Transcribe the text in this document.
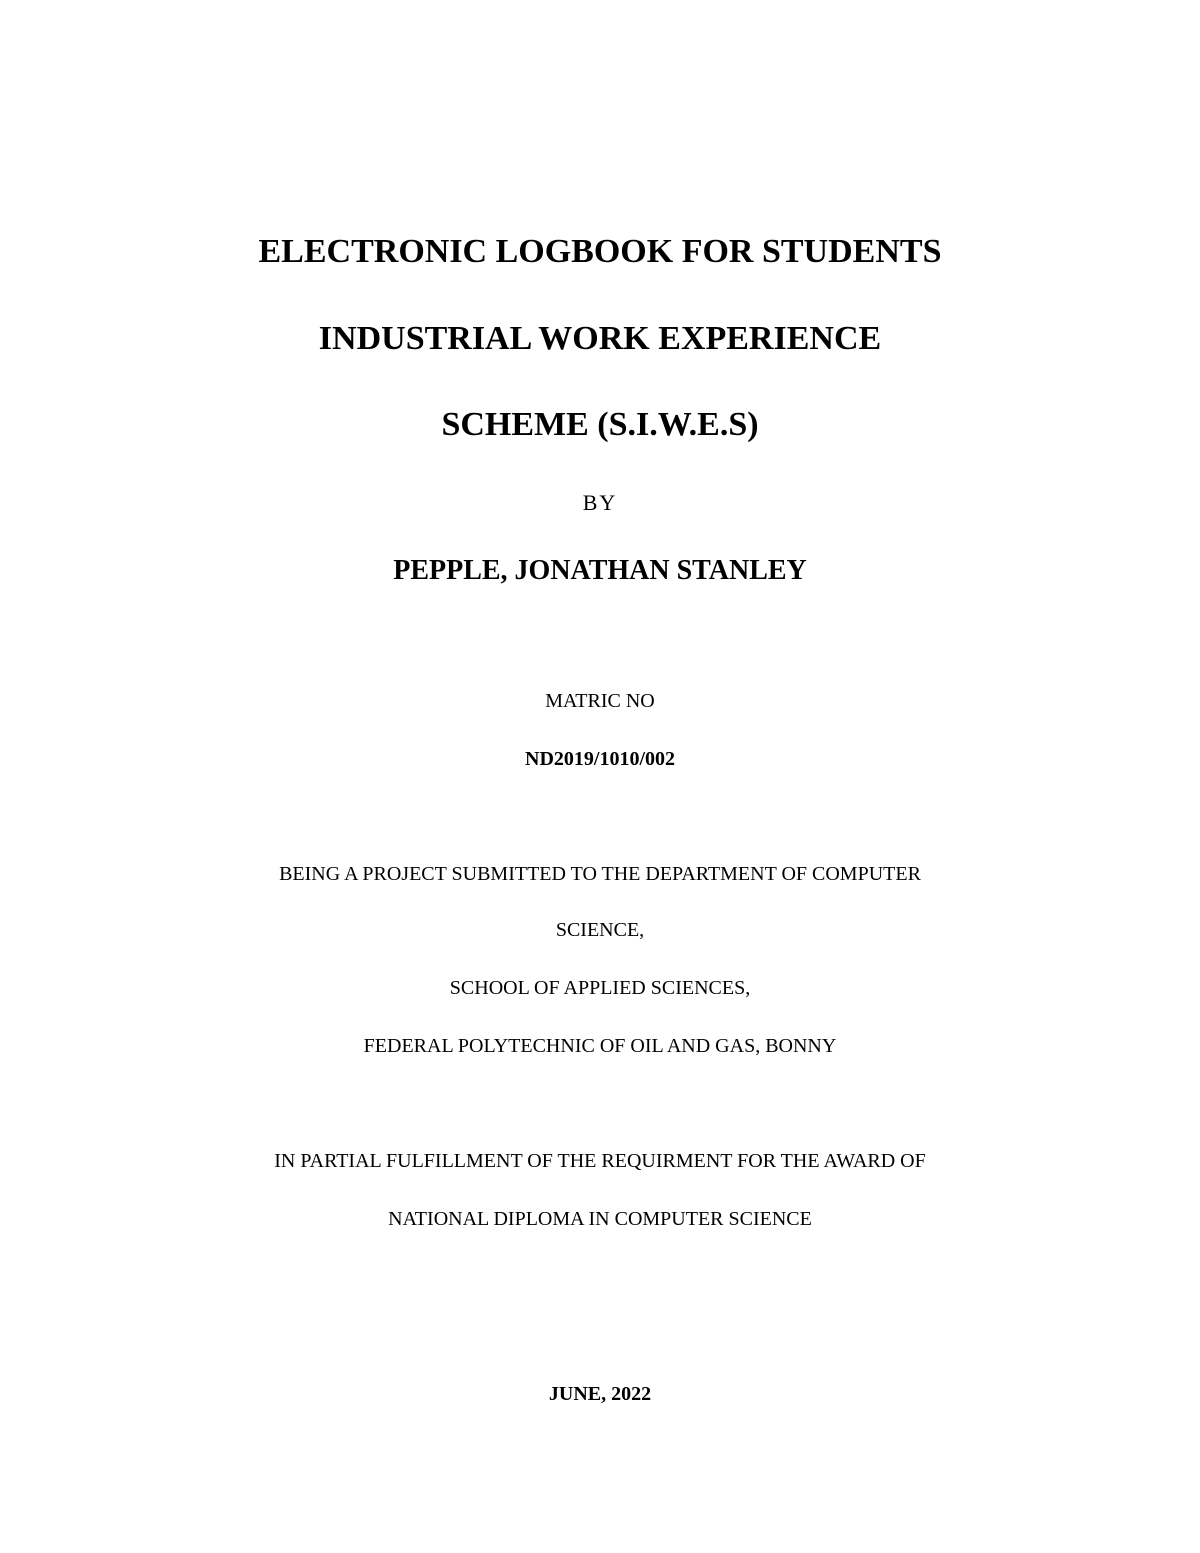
ELECTRONIC LOGBOOK FOR STUDENTS
INDUSTRIAL WORK EXPERIENCE
SCHEME (S.I.W.E.S)
BY
PEPPLE, JONATHAN STANLEY
MATRIC NO
ND2019/1010/002
BEING A PROJECT SUBMITTED TO THE DEPARTMENT OF COMPUTER
SCIENCE,
SCHOOL OF APPLIED SCIENCES,
FEDERAL POLYTECHNIC OF OIL AND GAS, BONNY
IN PARTIAL FULFILLMENT OF THE REQUIRMENT FOR THE AWARD OF
NATIONAL DIPLOMA IN COMPUTER SCIENCE
JUNE, 2022
